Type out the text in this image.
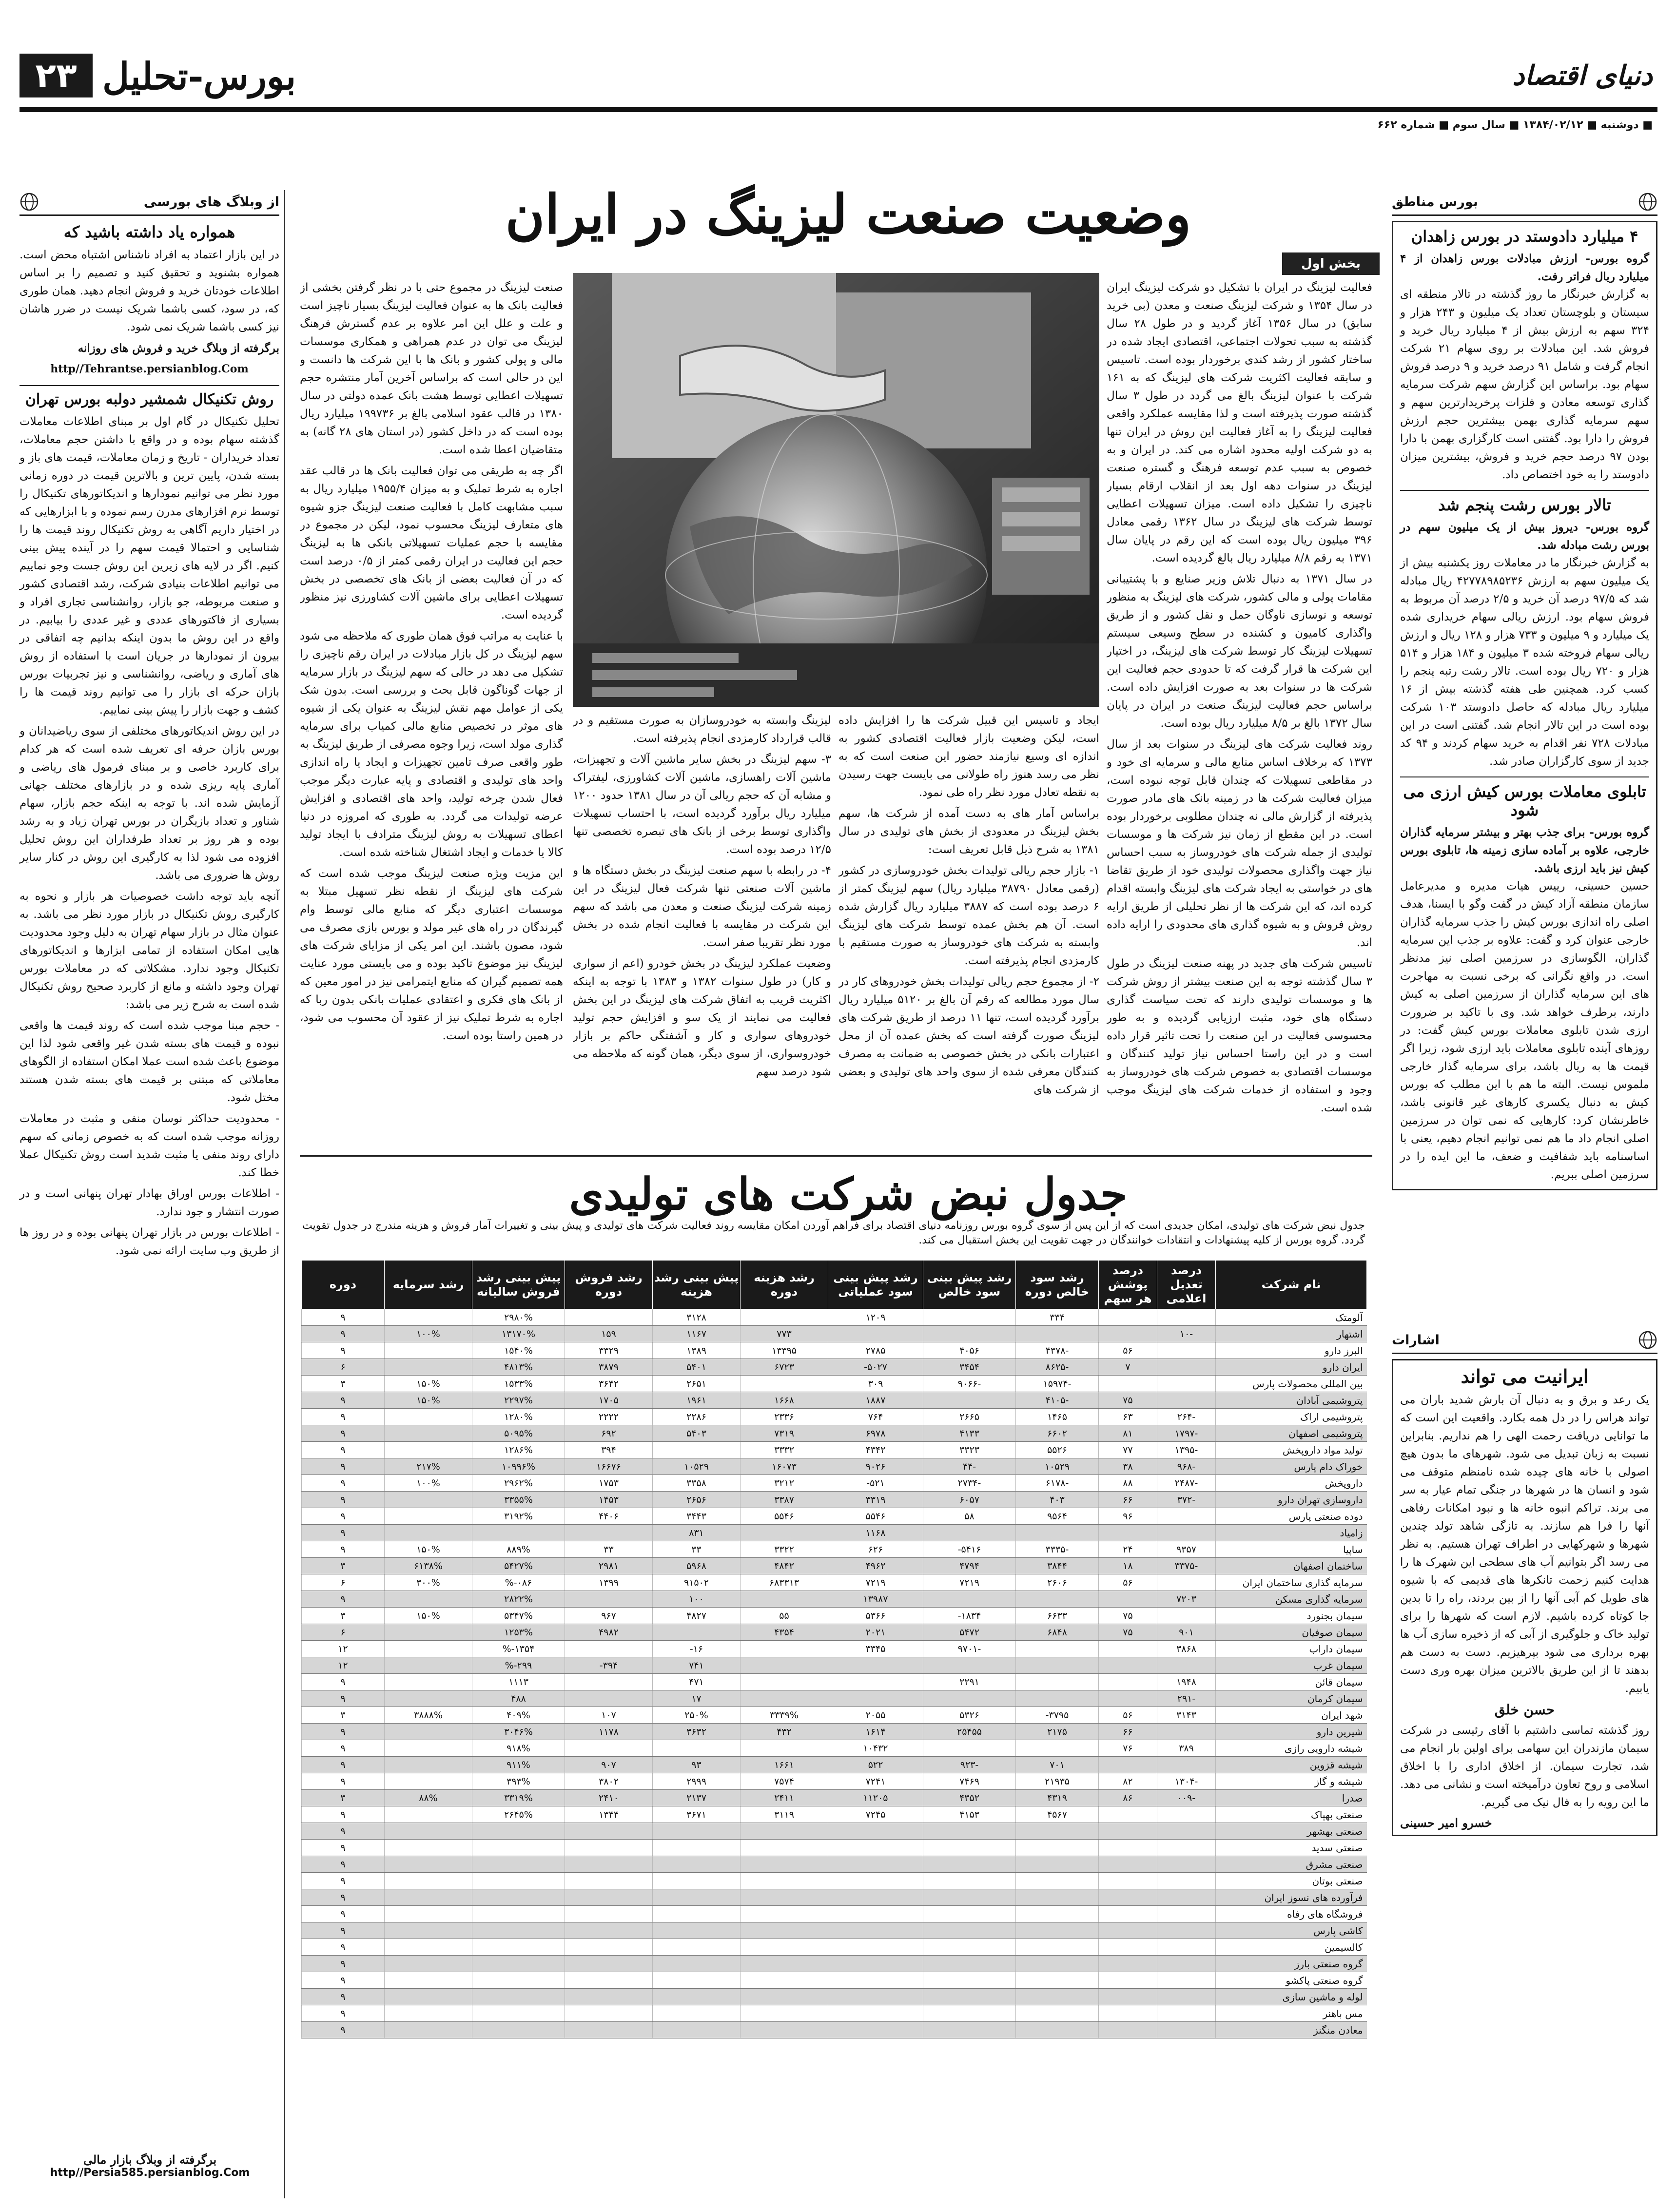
۲۳ بورس-تحلیل	دنیای اقتصاد
■ دوشنبه ■ ۱۳۸۴/۰۲/۱۲ ■ سال سوم ■ شماره ۶۶۲
از وبلاگ های بورسی
همواره یاد داشته باشید که

در این بازار اعتماد به افراد ناشناس اشتباه محض است. همواره بشنوید و تحقیق کنید و تصمیم را بر اساس اطلاعات خودتان خرید و فروش انجام دهید. همان طوری که، در سود، کسی باشما شریک نیست در ضرر هاشان نیز کسی باشما شریک نمی شود.

برگرفته از وبلاگ خرید و فروش های روزانه

http//Tehrantse.persianblog.Com

روش تکنیکال شمشیر دولبه بورس تهران

تحلیل تکنیکال در گام اول بر مبنای اطلاعات معاملات گذشته سهام بوده و در واقع با داشتن حجم معاملات، تعداد خریداران - تاریخ و زمان معاملات، قیمت های باز و بسته شدن، پایین ترین و بالاترین قیمت در دوره زمانی مورد نظر می توانیم نمودارها و اندیکاتورهای تکنیکال را توسط نرم افزارهای مدرن رسم نموده و با ابزارهایی که در اختیار داریم آگاهی به روش تکنیکال روند قیمت ها را شناسایی و احتمالا قیمت سهم را در آینده پیش بینی کنیم. اگر در لایه های زیرین این روش جست وجو نماییم می توانیم اطلاعات بنیادی شرکت، رشد اقتصادی کشور و صنعت مربوطه، جو بازار، روانشناسی تجاری افراد و بسیاری از فاکتورهای عددی و غیر عددی را بیابیم. در واقع در این روش ما بدون اینکه بدانیم چه اتفاقی در بیرون از نمودارها در جریان است با استفاده از روش های آماری و ریاضی، روانشناسی و نیز تجربیات بورس بازان حرکه ای بازار را می توانیم روند قیمت ها را کشف و جهت بازار را پیش بینی نماییم.

در این روش اندیکاتورهای مختلفی از سوی ریاضیدانان و بورس بازان حرفه ای تعریف شده است که هر کدام برای کاربرد خاصی و بر مبنای فرمول های ریاضی و آماری پایه ریزی شده و در بازارهای مختلف جهانی آزمایش شده اند. با توجه به اینکه حجم بازار، سهام شناور و تعداد بازیگران در بورس تهران زیاد و به رشد بوده و هر روز بر تعداد طرفداران این روش تحلیل افزوده می شود لذا به کارگیری این روش در کنار سایر روش ها ضروری می باشد.

آنچه باید توجه داشت خصوصیات هر بازار و نحوه به کارگیری روش تکنیکال در بازار مورد نظر می باشد. به عنوان مثال در بازار سهام تهران به دلیل وجود محدودیت هایی امکان استفاده از تمامی ابزارها و اندیکاتورهای تکنیکال وجود ندارد. مشکلاتی که در معاملات بورس تهران وجود داشته و مانع از کاربرد صحیح روش تکنیکال شده است به شرح زیر می باشد:

- حجم مبنا موجب شده است که روند قیمت ها واقعی نبوده و قیمت های بسته شدن غیر واقعی شود لذا این موضوع باعث شده است عملا امکان استفاده از الگوهای معاملاتی که مبتنی بر قیمت های بسته شدن هستند مختل شود.

- محدودیت حداکثر نوسان منفی و مثبت در معاملات روزانه موجب شده است که به خصوص زمانی که سهم دارای روند منفی یا مثبت شدید است روش تکنیکال عملا خطا کند.

- اطلاعات بورس اوراق بهادار تهران پنهانی است و در صورت انتشار و جود ندارد.

- اطلاعات بورس در بازار تهران پنهانی بوده و در روز ها از طریق وب سایت ارائه نمی شود.

برگرفته از وبلاگ بازار مالی

http//Persia585.persianblog.Com

بورس مناطق
۴ میلیارد دادوستد در بورس زاهدان

گروه بورس- ارزش مبادلات بورس زاهدان از ۴ میلیارد ریال فراتر رفت.

به گزارش خبرنگار ما روز گذشته در تالار منطقه ای سیستان و بلوچستان تعداد یک میلیون و ۲۴۳ هزار و ۳۲۴ سهم به ارزش بیش از ۴ میلیارد ریال خرید و فروش شد. این مبادلات بر روی سهام ۲۱ شرکت انجام گرفت و شامل ۹۱ درصد خرید و ۹ درصد فروش سهام بود. براساس این گزارش سهم شرکت سرمایه گذاری توسعه معادن و فلزات پرخریدارترین سهم و سهم سرمایه گذاری بهمن بیشترین حجم ارزش فروش را دارا بود. گفتنی است کارگزاری بهمن با دارا بودن ۹۷ درصد حجم خرید و فروش، بیشترین میزان دادوستد را به خود اختصاص داد.

تالار بورس رشت پنجم شد

گروه بورس- دیروز بیش از یک میلیون سهم در بورس رشت مبادله شد.

به گزارش خبرنگار ما در معاملات روز یکشنبه بیش از یک میلیون سهم به ارزش ۴۲۷۷۸۹۸۵۲۳۶ ریال مبادله شد که ۹۷/۵ درصد آن خرید و ۲/۵ درصد آن مربوط به فروش سهام بود. ارزش ریالی سهام خریداری شده یک میلیارد و ۹ میلیون و ۷۳۳ هزار و ۱۲۸ ریال و ارزش ریالی سهام فروخته شده ۳ میلیون و ۱۸۴ هزار و ۵۱۴ هزار و ۷۲۰ ریال بوده است. تالار رشت رتبه پنجم را کسب کرد. همچنین طی هفته گذشته بیش از ۱۶ میلیارد ریال مبادله که حاصل دادوستد ۱۰۳ شرکت بوده است در این تالار انجام شد. گفتنی است در این مبادلات ۷۲۸ نفر اقدام به خرید سهام کردند و ۹۴ کد جدید از سوی کارگزاران صادر شد.

تابلوی معاملات بورس کیش ارزی می شود

گروه بورس- برای جذب بهتر و بیشتر سرمایه گذاران خارجی، علاوه بر آماده سازی زمینه ها، تابلوی بورس کیش نیز باید ارزی باشد.

حسین حسینی، رییس هیات مدیره و مدیرعامل سازمان منطقه آزاد کیش در گفت وگو با ایسنا، هدف اصلی راه اندازی بورس کیش را جذب سرمایه گذاران خارجی عنوان کرد و گفت: علاوه بر جذب این سرمایه گذاران، الگوسازی در سرزمین اصلی نیز مدنظر است. در واقع نگرانی که برخی نسبت به مهاجرت های این سرمایه گذاران از سرزمین اصلی به کیش دارند، برطرف خواهد شد. وی با تاکید بر ضرورت ارزی شدن تابلوی معاملات بورس کیش گفت: در روزهای آینده تابلوی معاملات باید ارزی شود، زیرا اگر قیمت ها به ریال باشد، برای سرمایه گذار خارجی ملموس نیست. البته ما هم با این مطلب که بورس کیش به دنبال یکسری کارهای غیر قانونی باشد، خاطرنشان کرد: کارهایی که نمی توان در سرزمین اصلی انجام داد ما هم نمی توانیم انجام دهیم، یعنی با اساسنامه باید شفافیت و ضعف، ما این ایده را در سرزمین اصلی ببریم.

اشارات
ایرانیت می تواند

یک رعد و برق و به دنبال آن بارش شدید باران می تواند هراس را در دل همه بکارد. واقعیت این است که ما توانایی دریافت رحمت الهی را هم نداریم. بنابراین نسبت به زبان تبدیل می شود. شهرهای ما بدون هیچ اصولی با خانه های چیده شده نامنظم متوقف می شود و انسان ها در شهرها در جنگی تمام عیار به سر می برند. تراکم انبوه خانه ها و نبود امکانات رفاهی آنها را فرا هم سازند. به تازگی شاهد تولد چندین شهرها و شهرکهایی در اطراف تهران هستیم. به نظر می رسد اگر بتوانیم آب های سطحی این شهرک ها را هدایت کنیم زحمت تانکرها های قدیمی که با شیوه های طویل کم آبی آنها را از بین بردند، راه را تا بدین جا کوتاه کرده باشیم. لازم است که شهرها را برای تولید خاک و جلوگیری از آبی که از ذخیره سازی آب ها بهره برداری می شود بپرهیزیم. دست به دست هم بدهند تا از این طریق بالاترین میزان بهره وری دست یابیم.

حسن خلق

روز گذشته تماسی داشتیم با آقای رئیسی در شرکت سیمان مازندران این سهامی برای اولین بار انجام می شد، تجارت سیمان. از اخلاق اداری را با اخلاق اسلامی و روح تعاون درآمیخته است و نشانی می دهد. ما این رویه را به فال نیک می گیریم.

خسرو امیر حسینی

وضعیت صنعت لیزینگ در ایران
بخش اول

فعالیت لیزینگ در ایران با تشکیل دو شرکت لیزینگ ایران در سال ۱۳۵۴ و شرکت لیزینگ صنعت و معدن (بی خرید سابق) در سال ۱۳۵۶ آغاز گردید و در طول ۲۸ سال گذشته به سبب تحولات اجتماعی، اقتصادی ایجاد شده در ساختار کشور از رشد کندی برخوردار بوده است. تاسیس و سابقه فعالیت اکثریت شرکت های لیزینگ که به ۱۶۱ شرکت با عنوان لیزینگ بالغ می گردد در طول ۳ سال گذشته صورت پذیرفته است و لذا مقایسه عملکرد واقعی فعالیت لیزینگ را به آغاز فعالیت این روش در ایران تنها به دو شرکت اولیه محدود اشاره می کند. در ایران و به خصوص به سبب عدم توسعه فرهنگ و گستره صنعت لیزینگ در سنوات دهه اول بعد از انقلاب ارقام بسیار ناچیزی را تشکیل داده است. میزان تسهیلات اعطایی توسط شرکت های لیزینگ در سال ۱۳۶۲ رقمی معادل ۳۹۶ میلیون ریال بوده است که این رقم در پایان سال ۱۳۷۱ به رقم ۸/۸ میلیارد ریال بالغ گردیده است.

در سال ۱۳۷۱ به دنبال تلاش وزیر صنایع و با پشتیبانی مقامات پولی و مالی کشور، شرکت های لیزینگ به منظور توسعه و نوسازی ناوگان حمل و نقل کشور و از طریق واگذاری کامیون و کشنده در سطح وسیعی سیستم تسهیلات لیزینگ کار توسط شرکت های لیزینگ، در اختیار این شرکت ها قرار گرفت که تا حدودی حجم فعالیت این شرکت ها در سنوات بعد به صورت افزایش داده است. براساس حجم فعالیت لیزینگ صنعت در ایران در پایان سال ۱۳۷۲ بالغ بر ۸/۵ میلیارد ریال بوده است.

روند فعالیت شرکت های لیزینگ در سنوات بعد از سال ۱۳۷۳ که برخلاف اساس منابع مالی و سرمایه ای خود و در مقاطعی تسهیلات که چندان قابل توجه نبوده است، میزان فعالیت شرکت ها در زمینه بانک های مادر صورت پذیرفته از گزارش مالی نه چندان مطلوبی برخوردار بوده است. در این مقطع از زمان نیز شرکت ها و موسسات تولیدی از جمله شرکت های خودروساز به سبب احساس نیاز جهت واگذاری محصولات تولیدی خود از طریق تقاضا های در خواستی به ایجاد شرکت های لیزینگ وابسته اقدام کرده اند، که این شرکت ها از نظر تحلیلی از طریق ارایه روش فروش و به شیوه گذاری های محدودی را ارایه داده اند.

تاسیس شرکت های جدید در پهنه صنعت لیزینگ در طول ۳ سال گذشته توجه به این صنعت بیشتر از روش شرکت ها و موسسات تولیدی دارند که تحت سیاست گذاری دستگاه های خود، مثبت ارزیابی گردیده و به طور محسوسی فعالیت در این صنعت را تحت تاثیر قرار داده است و در این راستا احساس نیاز تولید کنندگان و موسسات اقتصادی به خصوص شرکت های خودروساز به وجود و استفاده از خدمات شرکت های لیزینگ موجب شده است.

ایجاد و تاسیس این قبیل شرکت ها را افزایش داده است، لیکن وضعیت بازار فعالیت اقتصادی کشور به اندازه ای وسیع نیازمند حضور این صنعت است که به نظر می رسد هنوز راه طولانی می بایست جهت رسیدن به نقطه تعادل مورد نظر راه طی نمود.

براساس آمار های به دست آمده از شرکت ها، سهم بخش لیزینگ در معدودی از بخش های تولیدی در سال ۱۳۸۱ به شرح ذیل قابل تعریف است:

۱- بازار حجم ریالی تولیدات بخش خودروسازی در کشور (رقمی معادل ۳۸۷۹۰ میلیارد ریال) سهم لیزینگ کمتر از ۶ درصد بوده است که ۳۸۸۷ میلیارد ریال گزارش شده است. آن هم بخش عمده توسط شرکت های لیزینگ وابسته به شرکت های خودروساز به صورت مستقیم با کارمزدی انجام پذیرفته است.

۲- از مجموع حجم ریالی تولیدات بخش خودروهای کار در سال مورد مطالعه که رقم آن بالغ بر ۵۱۲۰ میلیارد ریال برآورد گردیده است، تنها ۱۱ درصد از طریق شرکت های لیزینگ صورت گرفته است که بخش عمده آن از محل اعتبارات بانکی در بخش خصوصی به ضمانت به مصرف کنندگان معرفی شده از سوی واحد های تولیدی و بعضی از شرکت های

لیزینگ وابسته به خودروسازان به صورت مستقیم و در قالب قرارداد کارمزدی انجام پذیرفته است.

۳- سهم لیزینگ در بخش سایر ماشین آلات و تجهیزات، ماشین آلات راهسازی، ماشین آلات کشاورزی، لیفتراک و مشابه آن که حجم ریالی آن در سال ۱۳۸۱ حدود ۱۲۰۰ میلیارد ریال برآورد گردیده است، با احتساب تسهیلات واگذاری توسط برخی از بانک های تبصره تخصصی تنها ۱۲/۵ درصد بوده است.

۴- در رابطه با سهم صنعت لیزینگ در بخش دستگاه ها و ماشین آلات صنعتی تنها شرکت فعال لیزینگ در این زمینه شرکت لیزینگ صنعت و معدن می باشد که سهم این شرکت در مقایسه با فعالیت انجام شده در بخش مورد نظر تقریبا صفر است.

وضعیت عملکرد لیزینگ در بخش خودرو (اعم از سواری و کار) در طول سنوات ۱۳۸۲ و ۱۳۸۳ با توجه به اینکه اکثریت قریب به اتفاق شرکت های لیزینگ در این بخش فعالیت می نمایند از یک سو و افزایش حجم تولید خودروهای سواری و کار و آشفتگی حاکم بر بازار خودروسواری، از سوی دیگر، همان گونه که ملاحظه می شود درصد سهم

صنعت لیزینگ در مجموع حتی با در نظر گرفتن بخشی از فعالیت بانک ها به عنوان فعالیت لیزینگ بسیار ناچیز است و علت و علل این امر علاوه بر عدم گسترش فرهنگ لیزینگ می توان در عدم همراهی و همکاری موسسات مالی و پولی کشور و بانک ها با این شرکت ها دانست و این در حالی است که براساس آخرین آمار منتشره حجم تسهیلات اعطایی توسط هشت بانک عمده دولتی در سال ۱۳۸۰ در قالب عقود اسلامی بالغ بر ۱۹۹۷۳۶ میلیارد ریال بوده است که در داخل کشور (در استان های ۲۸ گانه) به متقاضیان اعطا شده است.

اگر چه به طریقی می توان فعالیت بانک ها در قالب عقد اجاره به شرط تملیک و به میزان ۱۹۵۵/۴ میلیارد ریال به سبب مشابهت کامل با فعالیت صنعت لیزینگ جزو شیوه های متعارف لیزینگ محسوب نمود، لیکن در مجموع در مقایسه با حجم عملیات تسهیلاتی بانکی ها به لیزینگ حجم این فعالیت در ایران رقمی کمتر از ۰/۵ درصد است که در آن فعالیت بعضی از بانک های تخصصی در بخش تسهیلات اعطایی برای ماشین آلات کشاورزی نیز منظور گردیده است.

با عنایت به مراتب فوق همان طوری که ملاحظه می شود سهم لیزینگ در کل بازار مبادلات در ایران رقم ناچیزی را تشکیل می دهد در حالی که سهم لیزینگ در بازار سرمایه از جهات گوناگون قابل بحث و بررسی است. بدون شک یکی از عوامل مهم نقش لیزینگ به عنوان یکی از شیوه های موثر در تخصیص منابع مالی کمیاب برای سرمایه گذاری مولد است، زیرا وجوه مصرفی از طریق لیزینگ به طور واقعی صرف تامین تجهیزات و ایجاد یا راه اندازی واحد های تولیدی و اقتصادی و پایه عبارت دیگر موجب فعال شدن چرخه تولید، واحد های اقتصادی و افزایش عرضه تولیدات می گردد. به طوری که امروزه در دنیا اعطای تسهیلات به روش لیزینگ مترادف با ایجاد تولید کالا یا خدمات و ایجاد اشتغال شناخته شده است.

این مزیت ویژه صنعت لیزینگ موجب شده است که شرکت های لیزینگ از نقطه نظر تسهیل مبتلا به موسسات اعتباری دیگر که منابع مالی توسط وام گیرندگان در راه های غیر مولد و بورس بازی مصرف می شود، مصون باشند. این امر یکی از مزایای شرکت های لیزینگ نیز موضوع تاکید بوده و می بایستی مورد عنایت همه تصمیم گیران که منابع ایتمرامی نیز در امور معین که از بانک های فکری و اعتقادی عملیات بانکی بدون ربا که اجاره به شرط تملیک نیز از عقود آن محسوب می شود، در همین راستا بوده است.

جدول نبض شرکت های تولیدی

جدول نبض شرکت های تولیدی، امکان جدیدی است که از این پس از سوی گروه بورس روزنامه دنیای اقتصاد برای فراهم آوردن امکان مقایسه روند فعالیت شرکت های تولیدی و پیش بینی و تغییرات آمار فروش و هزینه مندرج در جدول تقویت گردد. گروه بورس از کلیه پیشنهادات و انتقادات خوانندگان در جهت تقویت این بخش استقبال می کند.

نام شرکت	درصد تعدیل اعلامی	درصد پوشش هر سهم	رشد سود خالص دوره	رشد پیش بینی سود خالص	رشد پیش بینی سود عملیاتی	رشد هزینه دوره	پیش بینی رشد هزینه	رشد فروش دوره	پیش بینی رشد فروش سالیانه	رشد سرمایه	دوره
آلومتک			۳۳۴		۱۲۰۹		۳۱۲۸		۲۹۸۰%		۹
اشتهار	-۱۰					۷۷۳	۱۱۶۷	۱۵۹	۱۳۱۷۰%	۱۰۰%	۹
البرز دارو		۵۶	-۴۳۷۸	۴۰۵۶	۲۷۸۵	۱۳۳۹۵	۱۳۸۹	۳۳۲۹	۱۵۴۰%		۹
ایران دارو		۷	-۸۶۲۵	۳۴۵۴	۵۰۲۷-	۶۷۲۳	۵۴۰۱	۳۸۷۹	۴۸۱۳%		۶
بین المللی محصولات پارس			-۱۵۹۷۴	-۹۰۶۶	۳۰۹		۲۶۵۱	۳۶۴۲	۱۵۳۳%	۱۵۰%	۳
پتروشیمی آبادان		۷۵	-۴۱۰۵		۱۸۸۷	۱۶۶۸	۱۹۶۱	۱۷۰۵	۲۲۹۷%	۱۵۰%	۹
پتروشیمی اراک	-۲۶۴	۶۳	۱۴۶۵	۲۶۶۵	۷۶۴	۲۳۳۶	۲۲۸۶	۲۲۲۲	۱۲۸۰%		۹
پتروشیمی اصفهان	-۱۷۹۷	۸۱	۶۶۰۲	۴۱۳۳	۶۹۷۸	۷۳۱۹	۵۴۰۳	۶۹۲	۵۰۹۵%		۹
تولید مواد داروپخش	-۱۳۹۵	۷۷	۵۵۲۶	۳۳۲۳	۴۳۴۲	۳۳۳۲		۳۹۴	۱۲۸۶%		۹
خوراک دام پارس	-۹۶۸	۳۸	۱۰۵۲۹	-۴۴	۹۰۲۶	۱۶۰۷۳	۱۰۵۲۹	۱۶۶۷۶	۱۰۹۹۶%	۲۱۷%	۹
داروپخش	-۲۴۸۷	۸۸	-۶۱۷۸	-۲۷۳۴	۵۲۱-	۳۲۱۲	۳۳۵۸	۱۷۵۳	۲۹۶۲%	۱۰۰%	۹
داروسازی تهران دارو	-۳۷۲	۶۶	۴۰۳	۶۰۵۷	۳۳۱۹	۳۳۸۷	۲۶۵۶	۱۴۵۳	۳۳۵۵%		۹
دوده صنعتی پارس		۹۶	۹۵۶۴	۵۸	۵۵۴۶	۵۵۴۶	۳۴۴۳	۴۴۰۶	۳۱۹۲%		۹
زامیاد					۱۱۶۸		۸۳۱				۹
ساپیا	۹۳۵۷	۲۴	-۳۳۳۵	۵۴۱۶-	۶۲۶	۳۳۲۲	۳۳	۳۳	۸۸۹%	۱۵۰%	۹
ساختمان اصفهان	-۳۳۷۵	۱۸	۳۸۴۴	۴۷۹۴	۴۹۶۲	۴۸۴۲	۵۹۶۸	۲۹۸۱	۵۴۲۷%	۶۱۳۸%	۳
سرمایه گذاری ساختمان ایران		۵۶	۲۶۰۶	۷۲۱۹	۷۲۱۹	۶۸۳۳۱۳	۹۱۵۰۲	۱۳۹۹	۰۸۶-%	۳۰۰%	۶
سرمایه گذاری مسکن	۷۲۰۳				۱۳۹۸۷		۱۰۰		۲۸۲۲%		۹
سیمان بجنورد		۷۵	۶۶۳۳	۱۸۳۴-	۵۳۶۶	۵۵	۴۸۲۷	۹۶۷	۵۳۴۷%	۱۵۰%	۳
سیمان صوفیان	۹۰۱	۷۵	۶۸۴۸	۵۴۷۲	۲۰۲۱	۴۳۵۴		۴۹۸۲	۱۲۵۳%		۶
سیمان داراب	۳۸۶۸			-۹۷۰۱	۳۳۴۵		۱۶-		۱۳۵۴-%		۱۲
سیمان غرب							۷۴۱	۳۹۴-	۲۹۹-%		۱۲
سیمان قائن	۱۹۴۸			۲۲۹۱			۴۷۱		۱۱۱۳		۹
سیمان کرمان	-۲۹۱						۱۷		۴۸۸		۹
شهد ایران	۳۱۴۳	۵۶	۳۷۹۵-	۵۳۲۶	۲۰۵۵	۳۳۳۹%	۲۵۰%	۱۰۷	۴۰۹%	۳۸۸۸%	۳
شیرین دارو		۶۶	۲۱۷۵	۲۵۴۵۵	۱۶۱۴	۴۳۲	۳۶۳۲	۱۱۷۸	۳۰۴۶%		۹
شیشه دارویی رازی	۳۸۹	۷۶			۱۰۴۳۲				۹۱۸%		۹
شیشه قزوین			۷۰۱	-۹۲۳	۵۲۲	۱۶۶۱	۹۳	۹۰۷	۹۱۱%		۹
شیشه و گاز	-۱۳۰۴	۸۲	۲۱۹۳۵	۷۴۶۹	۷۲۴۱	۷۵۷۴	۲۹۹۹	۳۸۰۲	۳۹۳%		۹
صدرا	-۰۰۹	۸۶	۴۳۱۹	۴۳۵۲	۱۱۲۰۵	۲۴۱۱	۲۱۳۷	۲۴۱۰	۳۳۱۹%	۸۸%	۳
صنعتی بهپاک			۴۵۶۷	۴۱۵۳	۷۲۴۵	۳۱۱۹	۳۶۷۱	۱۳۴۴	۲۶۴۵%		۹
صنعتی بهشهر											۹
صنعتی سدید											۹
صنعتی مشرق											۹
صنعتی بوتان											۹
فرآورده های نسوز ایران											۹
فروشگاه های رفاه											۹
کاشی پارس											۹
کالسیمین											۹
گروه صنعتی بارز											۹
گروه صنعتی پاکشو											۹
لوله و ماشین سازی											۹
مس باهنر											۹
معادن منگنز											۹
